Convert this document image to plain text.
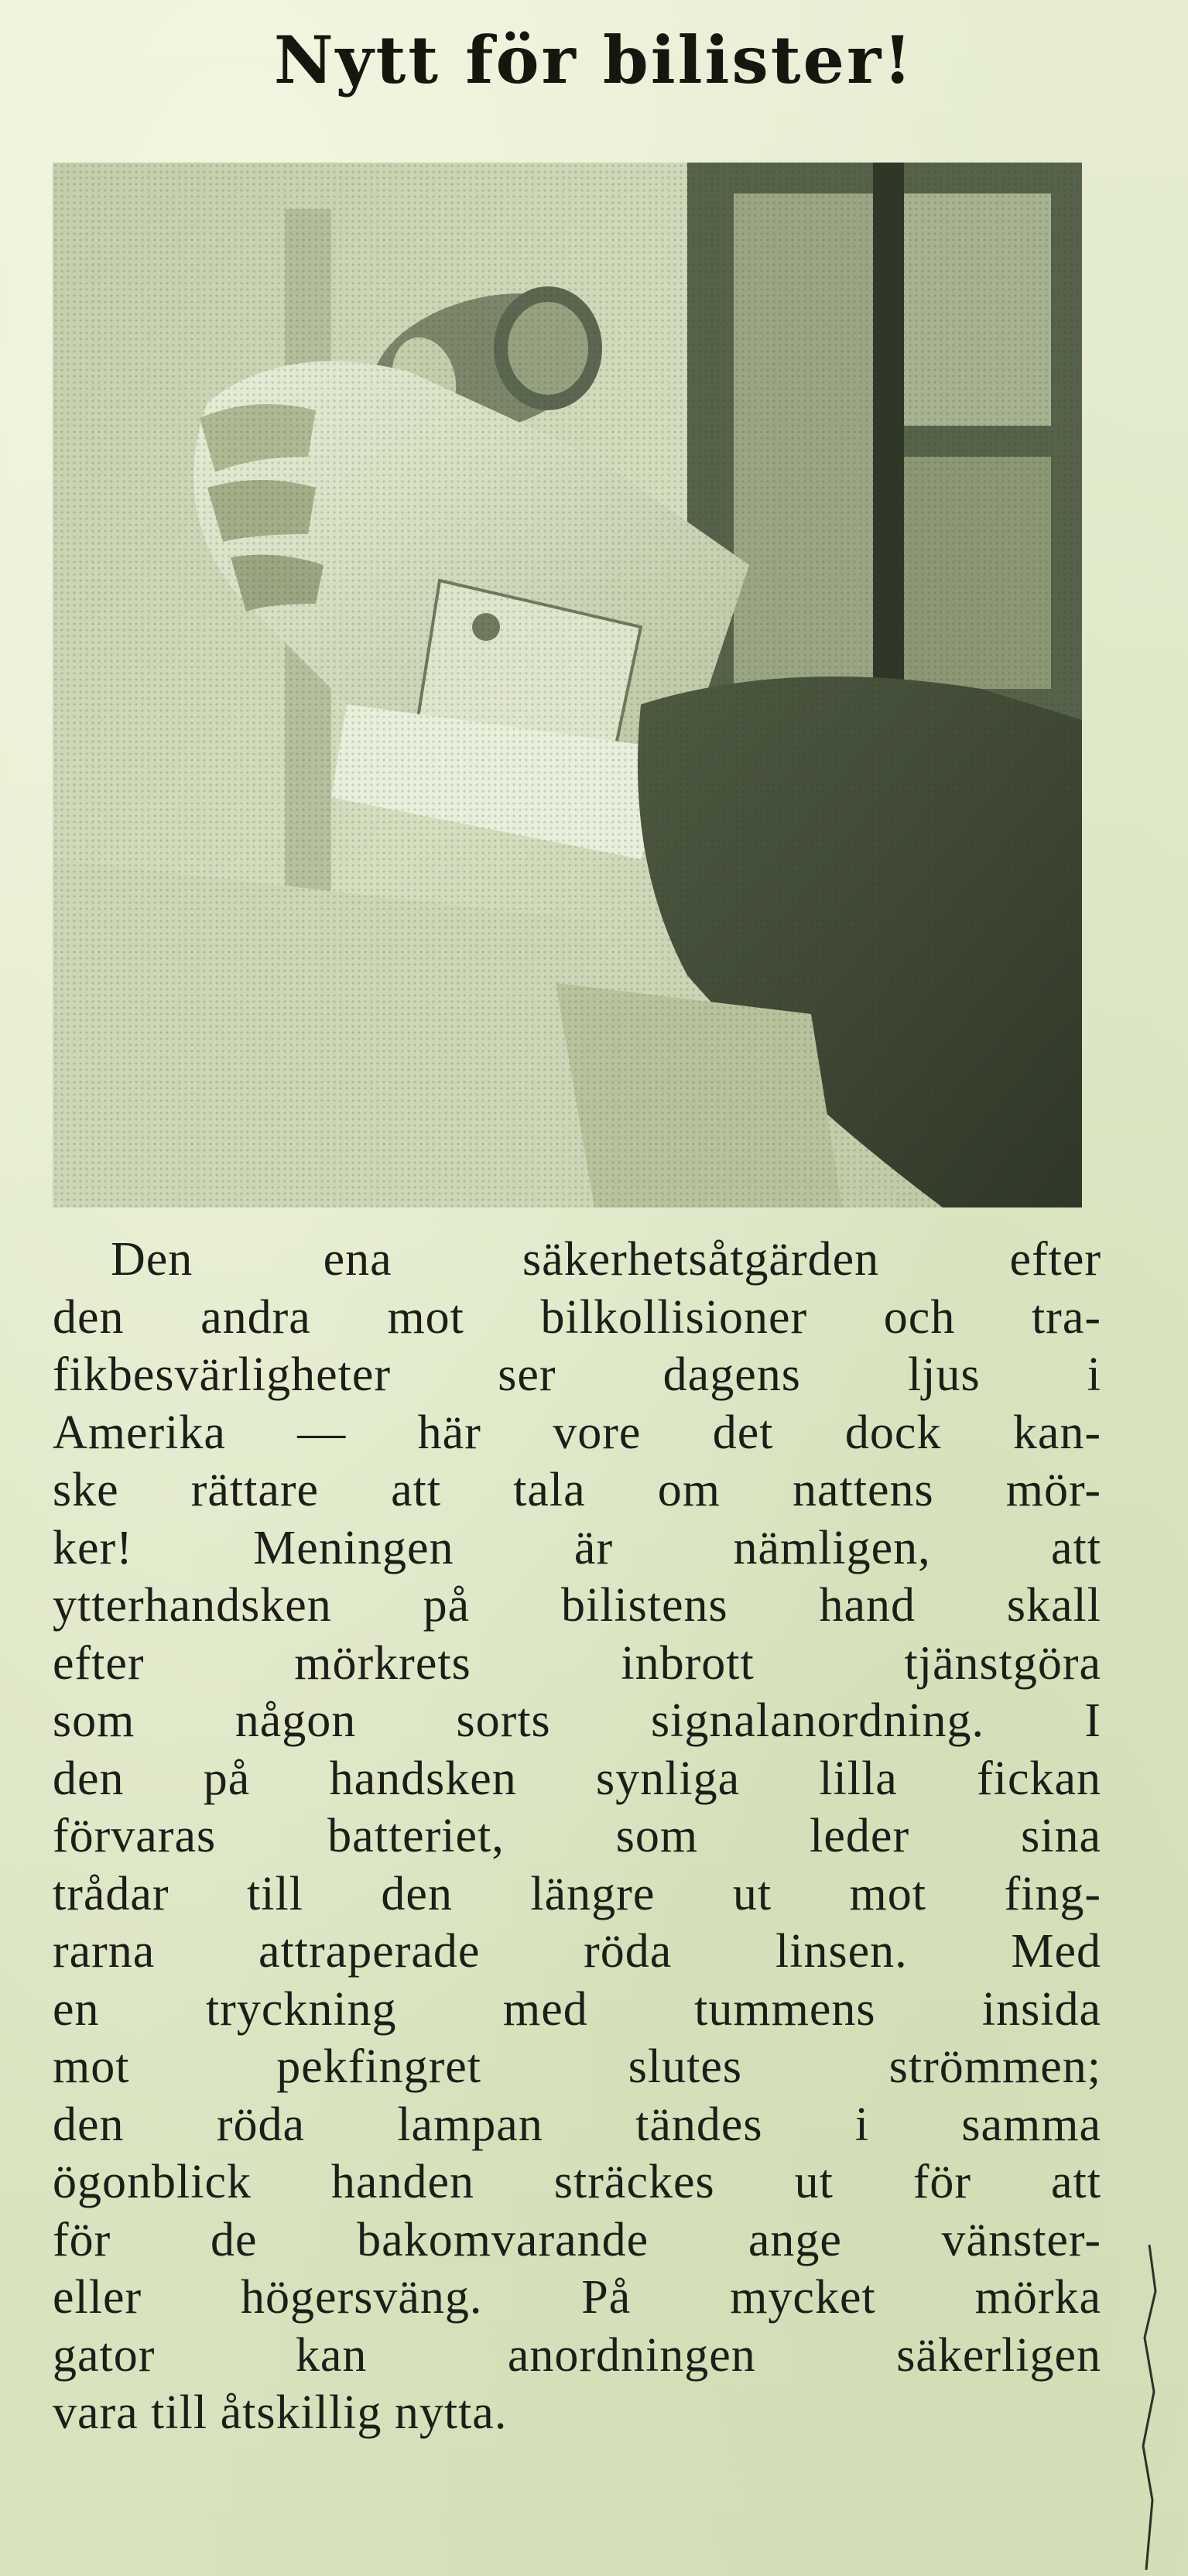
Nytt för bilister!
Den ena säkerhetsåtgärden efter
den andra mot bilkollisioner och tra-
fikbesvärligheter ser dagens ljus i
Amerika — här vore det dock kan-
ske rättare att tala om nattens mör-
ker! Meningen är nämligen, att
ytterhandsken på bilistens hand skall
efter mörkrets inbrott tjänstgöra
som någon sorts signalanordning. I
den på handsken synliga lilla fickan
förvaras batteriet, som leder sina
trådar till den längre ut mot fing-
rarna attraperade röda linsen. Med
en tryckning med tummens insida
mot pekfingret slutes strömmen;
den röda lampan tändes i samma
ögonblick handen sträckes ut för att
för de bakomvarande ange vänster-
eller högersväng. På mycket mörka
gator kan anordningen säkerligen
vara till åtskillig nytta.
